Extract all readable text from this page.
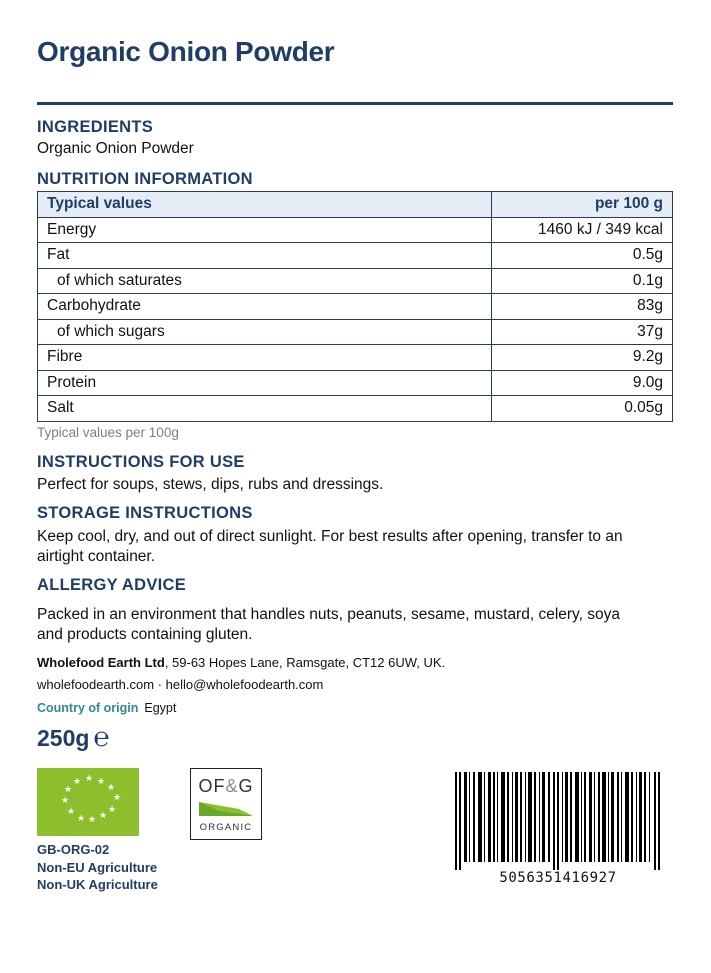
Organic Onion Powder
INGREDIENTS

Organic Onion Powder

NUTRITION INFORMATION
Typical values	per 100 g
Energy	1460 kJ / 349 kcal
Fat	0.5g
of which saturates	0.1g
Carbohydrate	83g
of which sugars	37g
Fibre	9.2g
Protein	9.0g
Salt	0.05g

Typical values per 100g

INSTRUCTIONS FOR USE

Perfect for soups, stews, dips, rubs and dressings.

STORAGE INSTRUCTIONS

Keep cool, dry, and out of direct sunlight. For best results after opening, transfer to an
airtight container.

ALLERGY ADVICE

Packed in an environment that handles nuts, peanuts, sesame, mustard, celery, soya
and products containing gluten.

Wholefood Earth Ltd, 59-63 Hopes Lane, Ramsgate, CT12 6UW, UK.

wholefoodearth.com · hello@wholefoodearth.com

Country of origin Egypt

250g ℮
★
★
★
★
★
★
★
★
★
★ ★ ★

GB-ORG-02
Non-EU Agriculture
Non-UK Agriculture

OF&G
ORGANIC

5056351416927
